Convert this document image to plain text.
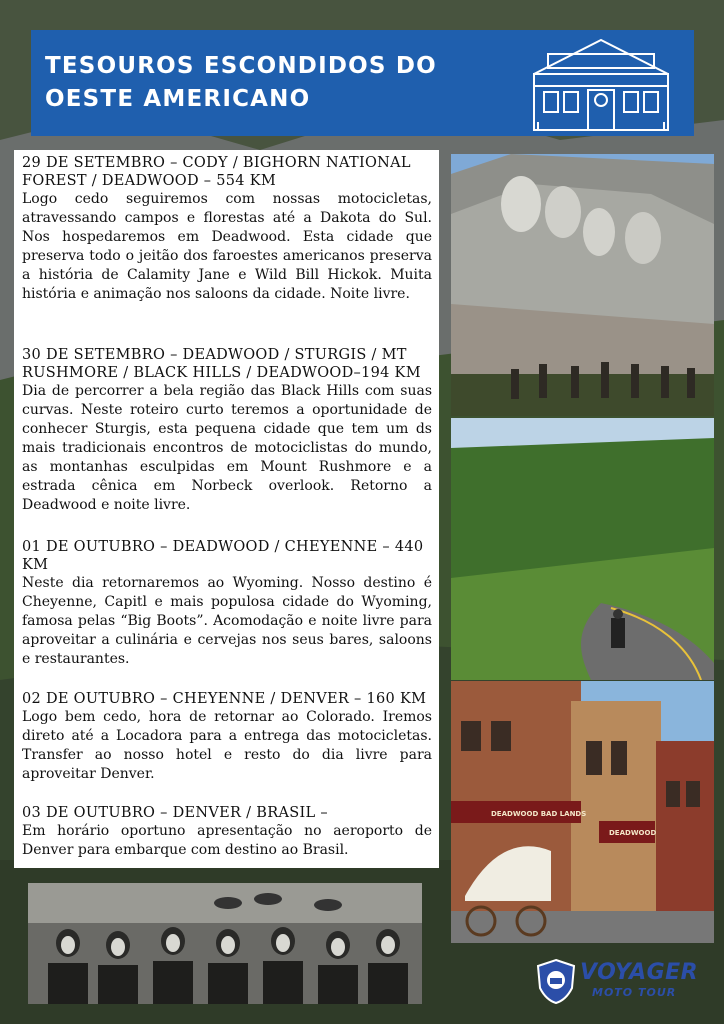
TESOUROS ESCONDIDOS DO OESTE AMERICANO
29 DE SETEMBRO – CODY / BIGHORN NATIONAL FOREST / DEADWOOD – 554 KM
Logo cedo seguiremos com nossas motocicletas, atravessando campos e florestas até a Dakota do Sul. Nos hospedaremos em Deadwood. Esta cidade que preserva todo o jeitão dos faroestes americanos preserva a história de Calamity Jane e Wild Bill Hickok. Muita história e animação nos saloons da cidade. Noite livre.
30 DE SETEMBRO – DEADWOOD / STURGIS / MT RUSHMORE / BLACK HILLS / DEADWOOD–194 KM
Dia de percorrer a bela região das Black Hills com suas curvas. Neste roteiro curto teremos a oportunidade de conhecer Sturgis, esta pequena cidade que tem um ds mais tradicionais encontros de motociclistas do mundo, as montanhas esculpidas em Mount Rushmore e a estrada cênica em Norbeck overlook. Retorno a Deadwood e noite livre.
01 DE OUTUBRO – DEADWOOD / CHEYENNE – 440 KM
Neste dia retornaremos ao Wyoming. Nosso destino é Cheyenne, Capitl e mais populosa cidade do Wyoming, famosa pelas “Big Boots”. Acomodação e noite livre para aproveitar a culinária e cervejas nos seus bares, saloons e restaurantes.
02 DE OUTUBRO – CHEYENNE / DENVER – 160 KM
Logo bem cedo, hora de retornar ao Colorado. Iremos direto até a Locadora para a entrega das motocicletas. Transfer ao nosso hotel e resto do dia livre para aproveitar Denver.
03 DE OUTUBRO – DENVER / BRASIL –
Em horário oportuno apresentação no aeroporto de Denver para embarque com destino ao Brasil.
DEADWOOD BAD LANDS
DEADWOOD
VOYAGER
MOTO TOUR
